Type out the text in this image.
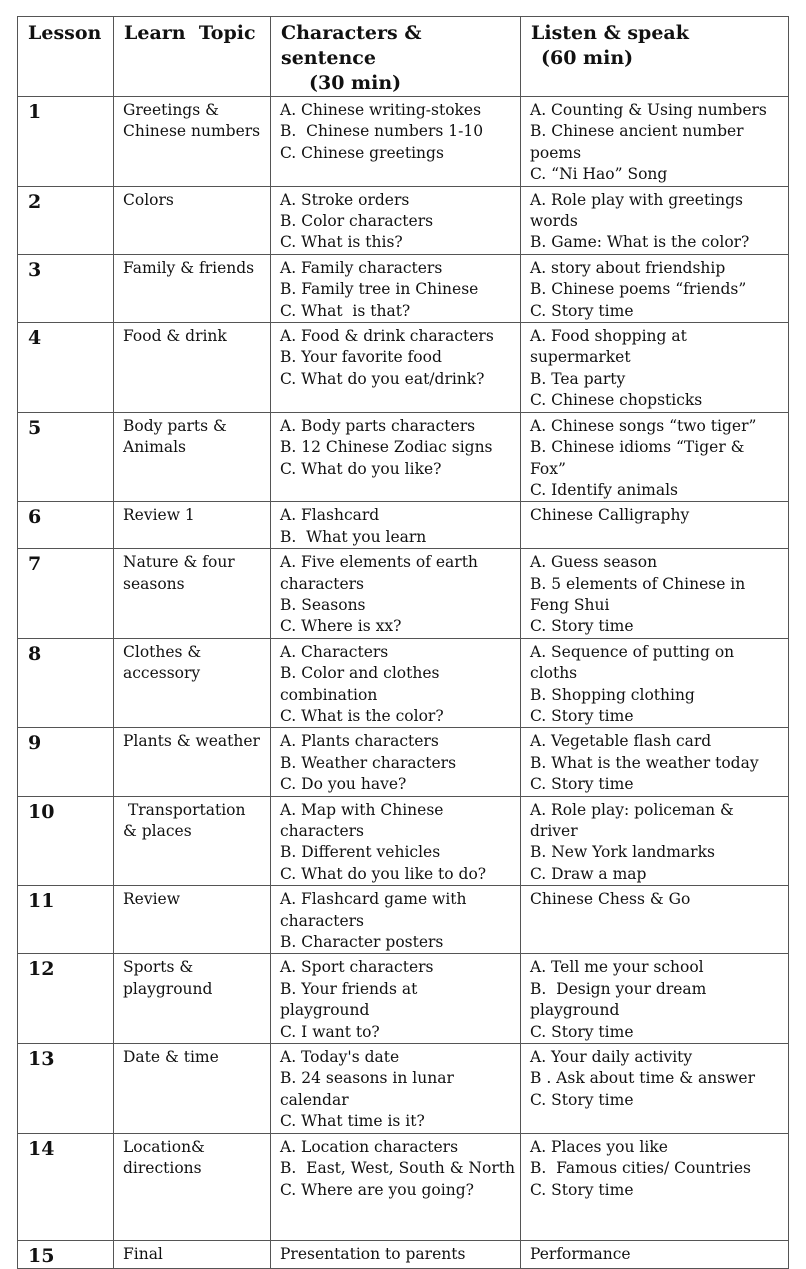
Lesson	Learn  Topic	Characters & sentence
(30 min)	Listen & speak
(60 min)

1	Greetings &
Chinese numbers	A. Chinese writing-stokes
B.  Chinese numbers 1-10
C. Chinese greetings	A. Counting & Using numbers
B. Chinese ancient number
poems
C. “Ni Hao” Song

2	Colors	A. Stroke orders
B. Color characters
C. What is this?	A. Role play with greetings
words
B. Game: What is the color?

3	Family & friends	A. Family characters
B. Family tree in Chinese
C. What  is that?	A. story about friendship
B. Chinese poems “friends”
C. Story time

4	Food & drink	A. Food & drink characters
B. Your favorite food
C. What do you eat/drink?	A. Food shopping at
supermarket
B. Tea party
C. Chinese chopsticks

5	Body parts &
Animals	A. Body parts characters
B. 12 Chinese Zodiac signs
C. What do you like?	A. Chinese songs “two tiger”
B. Chinese idioms “Tiger & Fox”
C. Identify animals

6	Review 1	A. Flashcard
B.  What you learn	Chinese Calligraphy

7	Nature & four
seasons	A. Five elements of earth
characters
B. Seasons
C. Where is xx?	A. Guess season
B. 5 elements of Chinese in
Feng Shui
C. Story time

8	Clothes &
accessory	A. Characters
B. Color and clothes
combination
C. What is the color?	A. Sequence of putting on cloths
B. Shopping clothing
C. Story time

9	Plants & weather	A. Plants characters
B. Weather characters
C. Do you have?	A. Vegetable flash card
B. What is the weather today
C. Story time

10	Transportation
& places	A. Map with Chinese
characters
B. Different vehicles
C. What do you like to do?	A. Role play: policeman &
driver
B. New York landmarks
C. Draw a map

11	Review	A. Flashcard game with
characters
B. Character posters	Chinese Chess & Go

12	Sports &
playground	A. Sport characters
B. Your friends at
playground
C. I want to?	A. Tell me your school
B.  Design your dream
playground
C. Story time

13	Date & time	A. Today's date
B. 24 seasons in lunar
calendar
C. What time is it?	A. Your daily activity
B . Ask about time & answer
C. Story time

14	Location&
directions	A. Location characters
B.  East, West, South & North
C. Where are you going?	A. Places you like
B.  Famous cities/ Countries
C. Story time

15	Final	Presentation to parents	Performance
